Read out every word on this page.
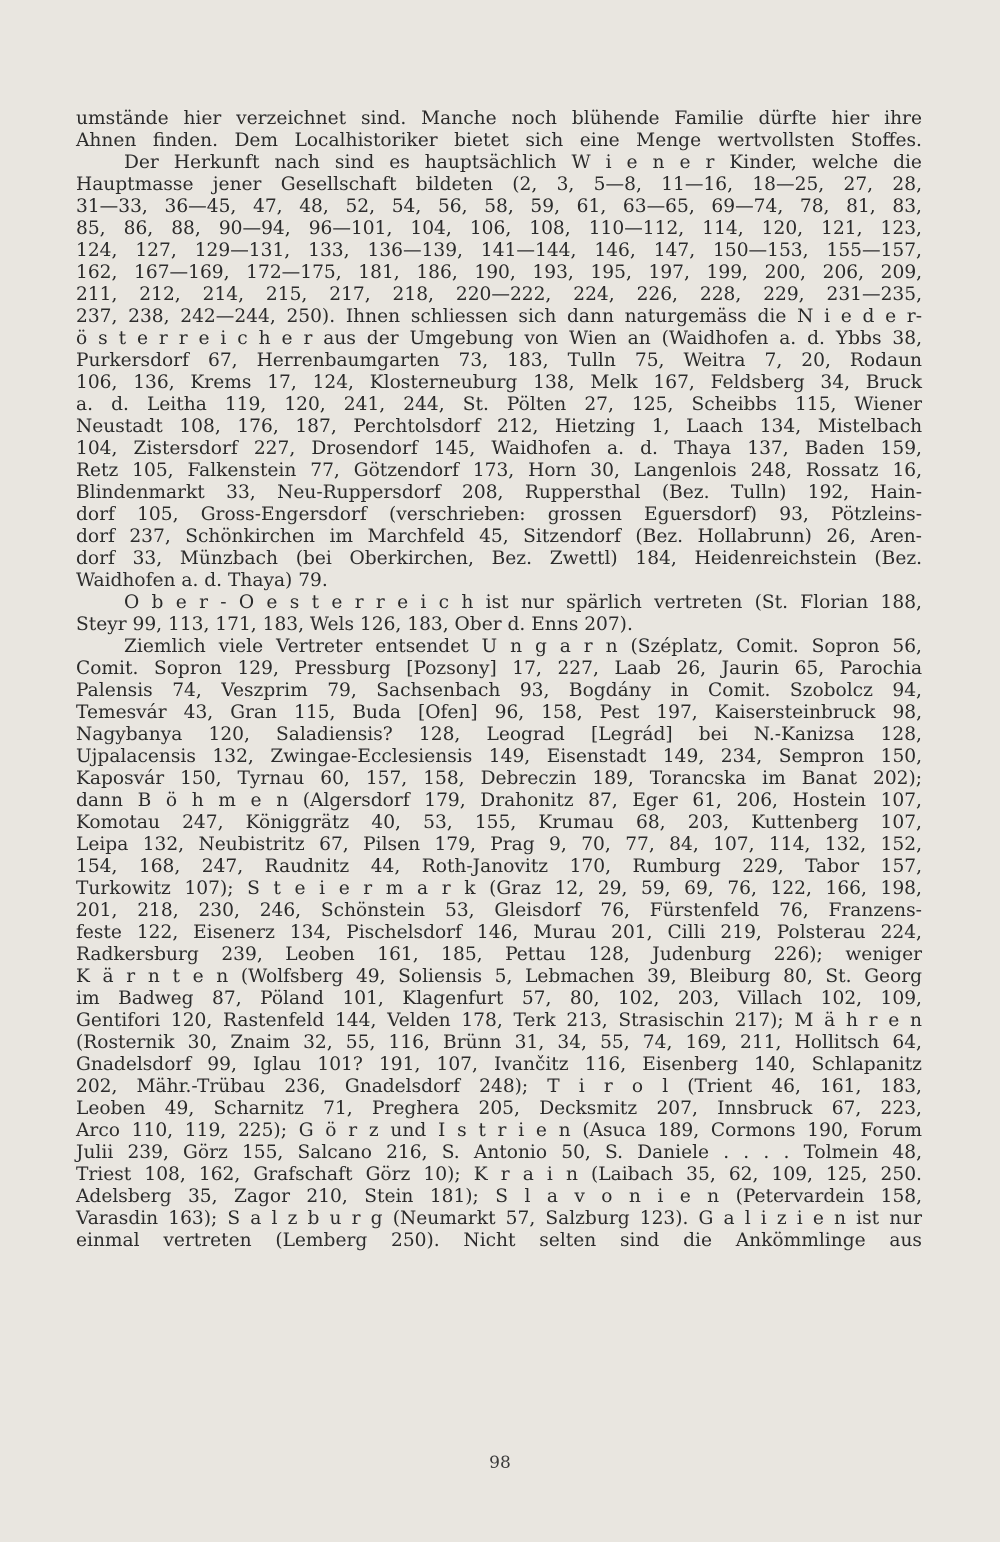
umstände hier verzeichnet sind. Manche noch blühende Familie dürfte hier ihre
Ahnen finden. Dem Localhistoriker bietet sich eine Menge wertvollsten Stoffes.
Der Herkunft nach sind es hauptsächlich W i e n e r Kinder, welche die
Hauptmasse jener Gesellschaft bildeten (2, 3, 5—8, 11—16, 18—25, 27, 28,
31—33, 36—45, 47, 48, 52, 54, 56, 58, 59, 61, 63—65, 69—74, 78, 81, 83,
85, 86, 88, 90—94, 96—101, 104, 106, 108, 110—112, 114, 120, 121, 123,
124, 127, 129—131, 133, 136—139, 141—144, 146, 147, 150—153, 155—157,
162, 167—169, 172—175, 181, 186, 190, 193, 195, 197, 199, 200, 206, 209,
211, 212, 214, 215, 217, 218, 220—222, 224, 226, 228, 229, 231—235,
237, 238, 242—244, 250). Ihnen schliessen sich dann naturgemäss die N i e d e r-
ö s t e r r e i c h e r aus der Umgebung von Wien an (Waidhofen a. d. Ybbs 38,
Purkersdorf 67, Herrenbaumgarten 73, 183, Tulln 75, Weitra 7, 20, Rodaun
106, 136, Krems 17, 124, Klosterneuburg 138, Melk 167, Feldsberg 34, Bruck
a. d. Leitha 119, 120, 241, 244, St. Pölten 27, 125, Scheibbs 115, Wiener
Neustadt 108, 176, 187, Perchtolsdorf 212, Hietzing 1, Laach 134, Mistelbach
104, Zistersdorf 227, Drosendorf 145, Waidhofen a. d. Thaya 137, Baden 159,
Retz 105, Falkenstein 77, Götzendorf 173, Horn 30, Langenlois 248, Rossatz 16,
Blindenmarkt 33, Neu-Ruppersdorf 208, Ruppersthal (Bez. Tulln) 192, Hain-
dorf 105, Gross-Engersdorf (verschrieben: grossen Eguersdorf) 93, Pötzleins-
dorf 237, Schönkirchen im Marchfeld 45, Sitzendorf (Bez. Hollabrunn) 26, Aren-
dorf 33, Münzbach (bei Oberkirchen, Bez. Zwettl) 184, Heidenreichstein (Bez.
Waidhofen a. d. Thaya) 79.
O b e r - O e s t e r r e i c h ist nur spärlich vertreten (St. Florian 188,
Steyr 99, 113, 171, 183, Wels 126, 183, Ober d. Enns 207).
Ziemlich viele Vertreter entsendet U n g a r n (Széplatz, Comit. Sopron 56,
Comit. Sopron 129, Pressburg [Pozsony] 17, 227, Laab 26, Jaurin 65, Parochia
Palensis 74, Veszprim 79, Sachsenbach 93, Bogdány in Comit. Szobolcz 94,
Temesvár 43, Gran 115, Buda [Ofen] 96, 158, Pest 197, Kaisersteinbruck 98,
Nagybanya 120, Saladiensis? 128, Leograd [Legrád] bei N.-Kanizsa 128,
Ujpalacensis 132, Zwingae-Ecclesiensis 149, Eisenstadt 149, 234, Sempron 150,
Kaposvár 150, Tyrnau 60, 157, 158, Debreczin 189, Torancska im Banat 202);
dann B ö h m e n (Algersdorf 179, Drahonitz 87, Eger 61, 206, Hostein 107,
Komotau 247, Königgrätz 40, 53, 155, Krumau 68, 203, Kuttenberg 107,
Leipa 132, Neubistritz 67, Pilsen 179, Prag 9, 70, 77, 84, 107, 114, 132, 152,
154, 168, 247, Raudnitz 44, Roth-Janovitz 170, Rumburg 229, Tabor 157,
Turkowitz 107); S t e i e r m a r k (Graz 12, 29, 59, 69, 76, 122, 166, 198,
201, 218, 230, 246, Schönstein 53, Gleisdorf 76, Fürstenfeld 76, Franzens-
feste 122, Eisenerz 134, Pischelsdorf 146, Murau 201, Cilli 219, Polsterau 224,
Radkersburg 239, Leoben 161, 185, Pettau 128, Judenburg 226); weniger
K ä r n t e n (Wolfsberg 49, Soliensis 5, Lebmachen 39, Bleiburg 80, St. Georg
im Badweg 87, Pöland 101, Klagenfurt 57, 80, 102, 203, Villach 102, 109,
Gentifori 120, Rastenfeld 144, Velden 178, Terk 213, Strasischin 217); M ä h r e n
(Rosternik 30, Znaim 32, 55, 116, Brünn 31, 34, 55, 74, 169, 211, Hollitsch 64,
Gnadelsdorf 99, Iglau 101? 191, 107, Ivančitz 116, Eisenberg 140, Schlapanitz
202, Mähr.-Trübau 236, Gnadelsdorf 248); T i r o l (Trient 46, 161, 183,
Leoben 49, Scharnitz 71, Preghera 205, Decksmitz 207, Innsbruck 67, 223,
Arco 110, 119, 225); G ö r z und I s t r i e n (Asuca 189, Cormons 190, Forum
Julii 239, Görz 155, Salcano 216, S. Antonio 50, S. Daniele . . . . Tolmein 48,
Triest 108, 162, Grafschaft Görz 10); K r a i n (Laibach 35, 62, 109, 125, 250.
Adelsberg 35, Zagor 210, Stein 181); S l a v o n i e n (Petervardein 158,
Varasdin 163); S a l z b u r g (Neumarkt 57, Salzburg 123). G a l i z i e n ist nur
einmal vertreten (Lemberg 250). Nicht selten sind die Ankömmlinge aus
98
